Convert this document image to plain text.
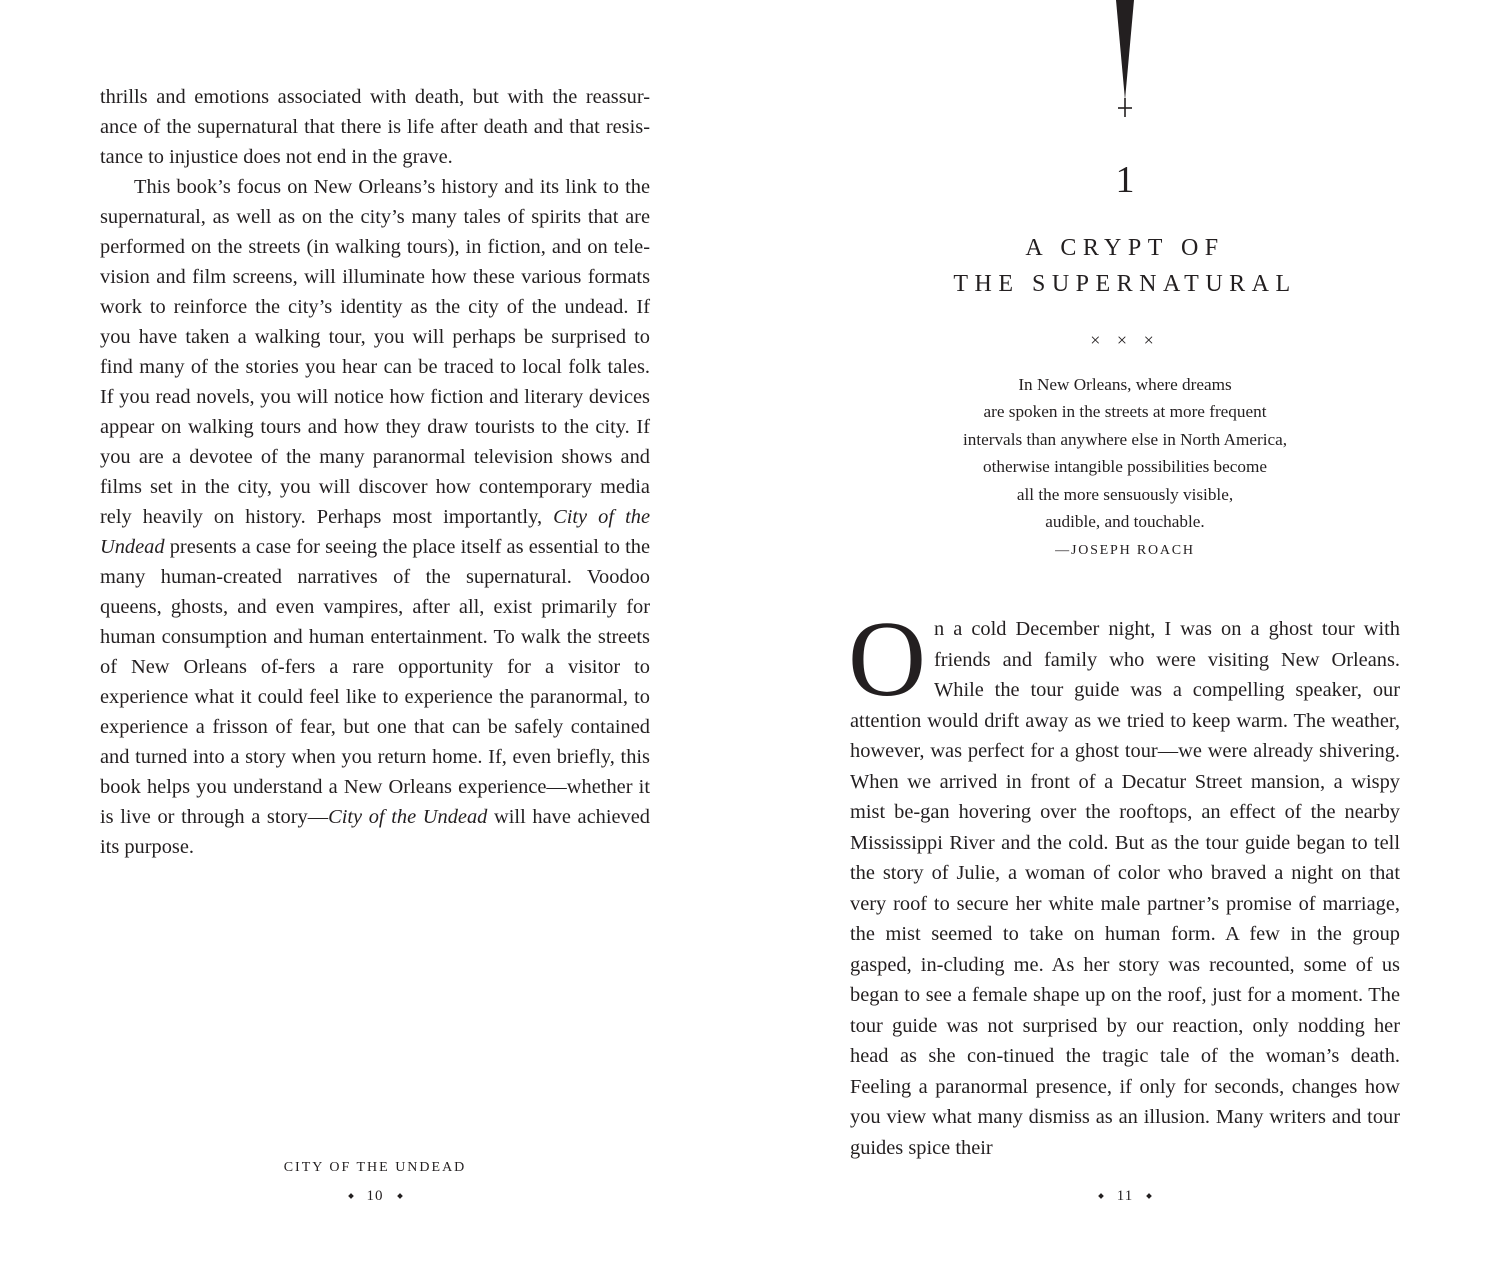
thrills and emotions associated with death, but with the reassur-ance of the supernatural that there is life after death and that resis-tance to injustice does not end in the grave.

This book’s focus on New Orleans’s history and its link to the supernatural, as well as on the city’s many tales of spirits that are performed on the streets (in walking tours), in fiction, and on tele-vision and film screens, will illuminate how these various formats work to reinforce the city’s identity as the city of the undead. If you have taken a walking tour, you will perhaps be surprised to find many of the stories you hear can be traced to local folk tales. If you read novels, you will notice how fiction and literary devices appear on walking tours and how they draw tourists to the city. If you are a devotee of the many paranormal television shows and films set in the city, you will discover how contemporary media rely heavily on history. Perhaps most importantly, City of the Undead presents a case for seeing the place itself as essential to the many human-created narratives of the supernatural. Voodoo queens, ghosts, and even vampires, after all, exist primarily for human consumption and human entertainment. To walk the streets of New Orleans of-fers a rare opportunity for a visitor to experience what it could feel like to experience the paranormal, to experience a frisson of fear, but one that can be safely contained and turned into a story when you return home. If, even briefly, this book helps you understand a New Orleans experience—whether it is live or through a story—City of the Undead will have achieved its purpose.

CITY OF THE UNDEAD
10
1
A CRYPT OF
THE SUPERNATURAL
× × ×
In New Orleans, where dreams
are spoken in the streets at more frequent
intervals than anywhere else in North America,
otherwise intangible possibilities become
all the more sensuously visible,
audible, and touchable.
—JOSEPH ROACH

On a cold December night, I was on a ghost tour with friends and family who were visiting New Orleans. While the tour guide was a compelling speaker, our attention would drift away as we tried to keep warm. The weather, however, was perfect for a ghost tour—we were already shivering. When we arrived in front of a Decatur Street mansion, a wispy mist be-gan hovering over the rooftops, an effect of the nearby Mississippi River and the cold. But as the tour guide began to tell the story of Julie, a woman of color who braved a night on that very roof to secure her white male partner’s promise of marriage, the mist seemed to take on human form. A few in the group gasped, in-cluding me. As her story was recounted, some of us began to see a female shape up on the roof, just for a moment. The tour guide was not surprised by our reaction, only nodding her head as she con-tinued the tragic tale of the woman’s death. Feeling a paranormal presence, if only for seconds, changes how you view what many dismiss as an illusion. Many writers and tour guides spice their

11
